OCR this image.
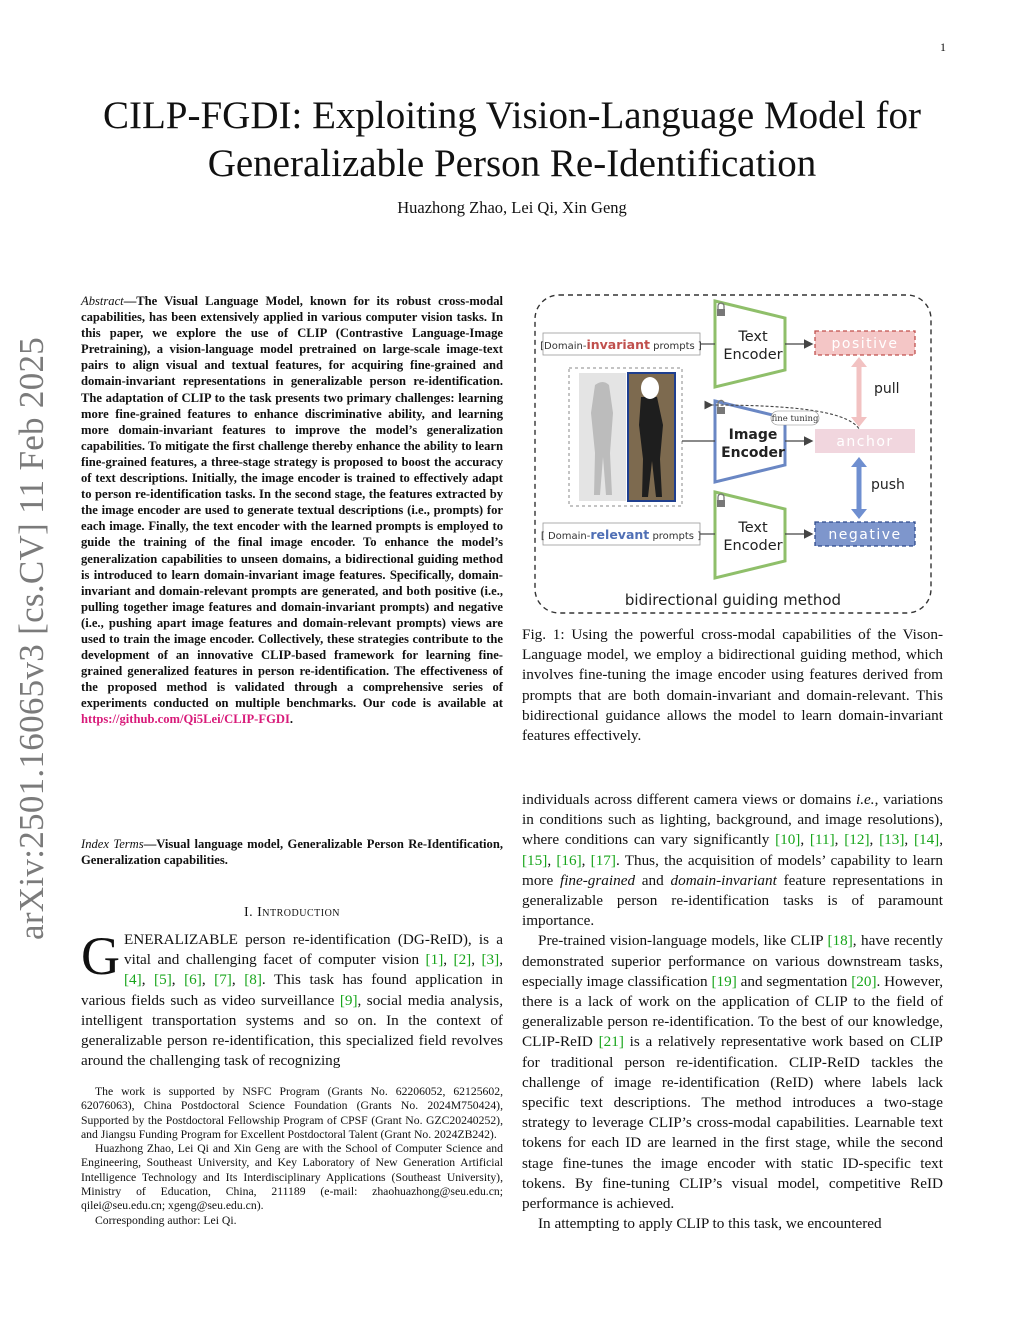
1
arXiv:2501.16065v3 [cs.CV] 11 Feb 2025
CILP-FGDI: Exploiting Vision-Language Model for
Generalizable Person Re-Identification
Huazhong Zhao, Lei Qi, Xin Geng
Abstract—The Visual Language Model, known for its robust cross-modal capabilities, has been extensively applied in various computer vision tasks. In this paper, we explore the use of CLIP (Contrastive Language-Image Pretraining), a vision-language model pretrained on large-scale image-text pairs to align visual and textual features, for acquiring fine-grained and domain-invariant representations in generalizable person re-identification. The adaptation of CLIP to the task presents two primary challenges: learning more fine-grained features to enhance discriminative ability, and learning more domain-invariant features to improve the model’s generalization capabilities. To mitigate the first challenge thereby enhance the ability to learn fine-grained features, a three-stage strategy is proposed to boost the accuracy of text descriptions. Initially, the image encoder is trained to effectively adapt to person re-identification tasks. In the second stage, the features extracted by the image encoder are used to generate textual descriptions (i.e., prompts) for each image. Finally, the text encoder with the learned prompts is employed to guide the training of the final image encoder. To enhance the model’s generalization capabilities to unseen domains, a bidirectional guiding method is introduced to learn domain-invariant image features. Specifically, domain-invariant and domain-relevant prompts are generated, and both positive (i.e., pulling together image features and domain-invariant prompts) and negative (i.e., pushing apart image features and domain-relevant prompts) views are used to train the image encoder. Collectively, these strategies contribute to the development of an innovative CLIP-based framework for learning fine-grained generalized features in person re-identification. The effectiveness of the proposed method is validated through a comprehensive series of experiments conducted on multiple benchmarks. Our code is available at https://github.com/Qi5Lei/CLIP-FGDI.
Index Terms—Visual language model, Generalizable Person Re-Identification, Generalization capabilities.
I. Introduction
GENERALIZABLE person re-identification (DG-ReID), is a vital and challenging facet of computer vision [1], [2], [3], [4], [5], [6], [7], [8]. This task has found application in various fields such as video surveillance [9], social media analysis, intelligent transportation systems and so on. In the context of generalizable person re-identification, this specialized field revolves around the challenging task of recognizing

The work is supported by NSFC Program (Grants No. 62206052, 62125602, 62076063), China Postdoctoral Science Foundation (Grants No. 2024M750424), Supported by the Postdoctoral Fellowship Program of CPSF (Grant No. GZC20240252), and Jiangsu Funding Program for Excellent Postdoctoral Talent (Grant No. 2024ZB242).

Huazhong Zhao, Lei Qi and Xin Geng are with the School of Computer Science and Engineering, Southeast University, and Key Laboratory of New Generation Artificial Intelligence Technology and Its Interdisciplinary Applications (Southeast University), Ministry of Education, China, 211189 (e-mail: zhaohuazhong@seu.edu.cn; qilei@seu.edu.cn; xgeng@seu.edu.cn).

Corresponding author: Lei Qi.

[Domain-invariant prompts ]
[ Domain-relevant prompts ]
Text
Encoder
Image
Encoder
Text
Encoder
fine tuning
positive
anchor
negative
pull
push
bidirectional guiding method
Fig. 1: Using the powerful cross-modal capabilities of the Vison-Language model, we employ a bidirectional guiding method, which involves fine-tuning the image encoder using features derived from prompts that are both domain-invariant and domain-relevant. This bidirectional guidance allows the model to learn domain-invariant features effectively.

individuals across different camera views or domains i.e., variations in conditions such as lighting, background, and image resolutions), where conditions can vary significantly [10], [11], [12], [13], [14], [15], [16], [17]. Thus, the acquisition of models’ capability to learn more fine-grained and domain-invariant feature representations in generalizable person re-identification tasks is of paramount importance.

Pre-trained vision-language models, like CLIP [18], have recently demonstrated superior performance on various downstream tasks, especially image classification [19] and segmentation [20]. However, there is a lack of work on the application of CLIP to the field of generalizable person re-identification. To the best of our knowledge, CLIP-ReID [21] is a relatively representative work based on CLIP for traditional person re-identification. CLIP-ReID tackles the challenge of image re-identification (ReID) where labels lack specific text descriptions. The method introduces a two-stage strategy to leverage CLIP’s cross-modal capabilities. Learnable text tokens for each ID are learned in the first stage, while the second stage fine-tunes the image encoder with static ID-specific text tokens. By fine-tuning CLIP’s visual model, competitive ReID performance is achieved.

In attempting to apply CLIP to this task, we encountered
